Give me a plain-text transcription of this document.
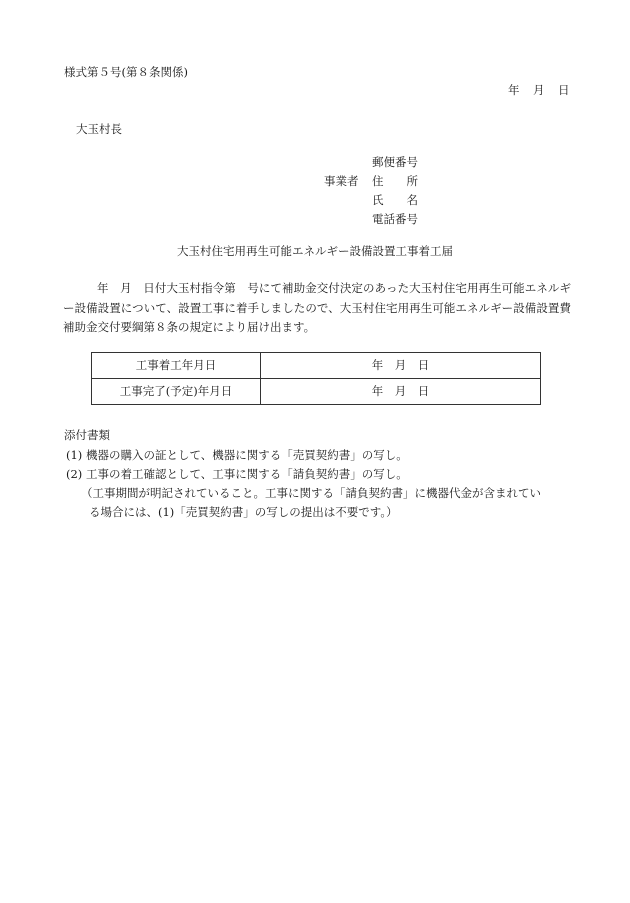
様式第５号(第８条関係)
年　月　日
大玉村長
郵便番号
事業者	住　　所
氏　　名
電話番号
大玉村住宅用再生可能エネルギー設備設置工事着工届
年　月　日付大玉村指令第　号にて補助金交付決定のあった大玉村住宅用再生可能エネルギー設備設置について、設置工事に着手しましたので、大玉村住宅用再生可能エネルギー設備設置費補助金交付要綱第８条の規定により届け出ます。
工事着工年月日	年　月　日
工事完了(予定)年月日	年　月　日
添付書類
(1) 機器の購入の証として、機器に関する「売買契約書」の写し。
(2) 工事の着工確認として、工事に関する「請負契約書」の写し。
（工事期間が明記されていること。工事に関する「請負契約書」に機器代金が含まれてい
る場合には、(1)「売買契約書」の写しの提出は不要です。）
